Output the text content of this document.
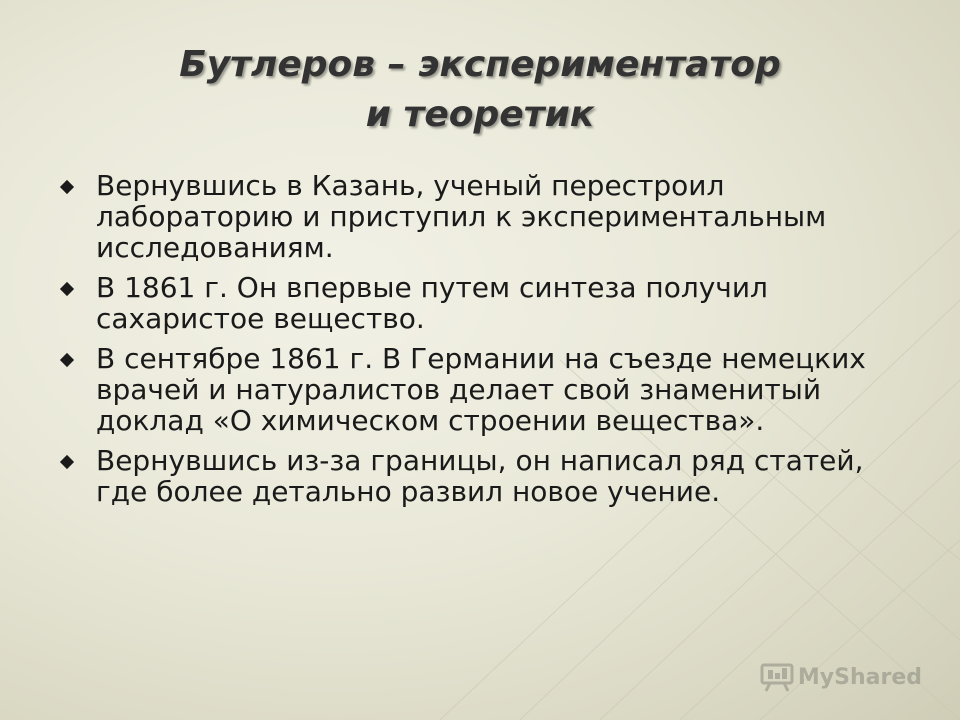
Бутлеров – экспериментатор
и теоретик
Вернувшись в Казань, ученый перестроил лабораторию и приступил к экспериментальным исследованиям.
В 1861 г. Он впервые путем синтеза получил сахаристое вещество.
В сентябре 1861 г. В Германии на съезде немецких врачей и натуралистов делает свой знаменитый доклад «О химическом строении вещества».
Вернувшись из-за границы, он написал ряд статей, где более детально развил новое учение.
MyShared
